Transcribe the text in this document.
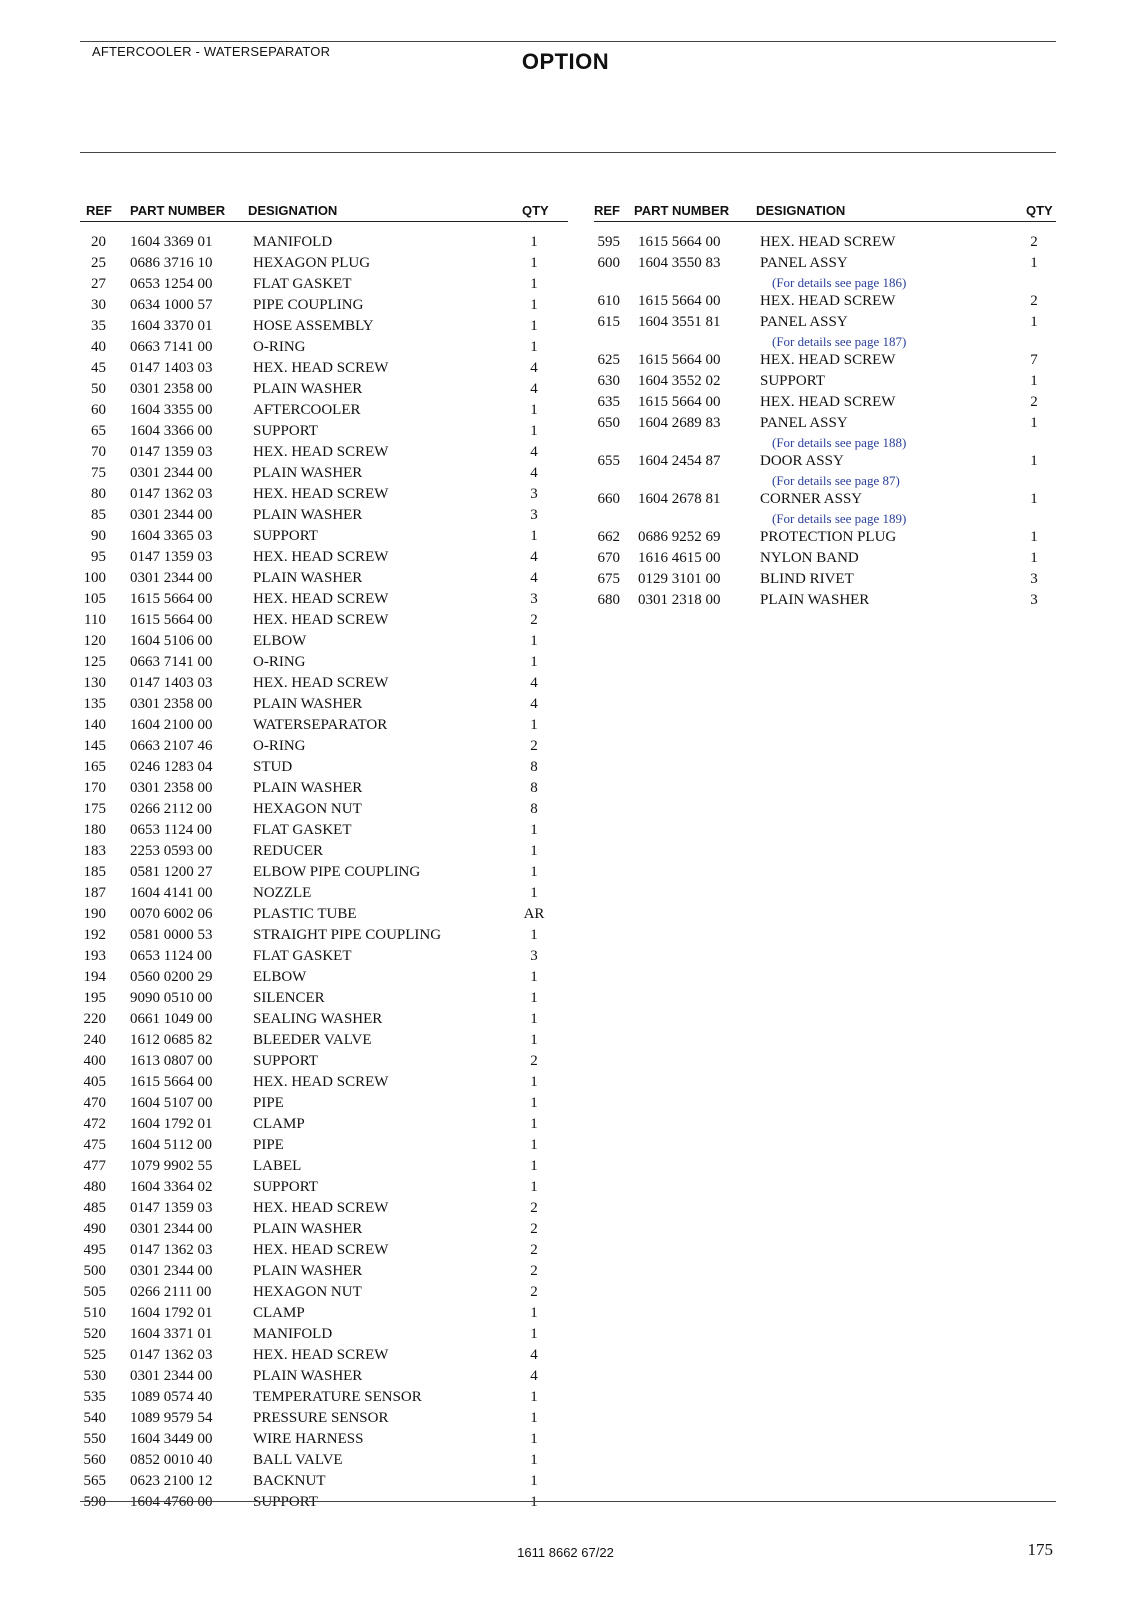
AFTERCOOLER - WATERSEPARATOR	OPTION
REF PART NUMBER DESIGNATION	QTY
20 1604 3369 01	MANIFOLD	1
25 0686 3716 10	HEXAGON PLUG	1
27 0653 1254 00	FLAT GASKET	1
30 0634 1000 57	PIPE COUPLING	1
35 1604 3370 01	HOSE ASSEMBLY	1
40 0663 7141 00	O-RING	1
45 0147 1403 03	HEX. HEAD SCREW	4
50 0301 2358 00	PLAIN WASHER	4
60 1604 3355 00	AFTERCOOLER	1
65 1604 3366 00	SUPPORT	1
70 0147 1359 03	HEX. HEAD SCREW	4
75 0301 2344 00	PLAIN WASHER	4
80 0147 1362 03	HEX. HEAD SCREW	3
85 0301 2344 00	PLAIN WASHER	3
90 1604 3365 03	SUPPORT	1
95 0147 1359 03	HEX. HEAD SCREW	4
100 0301 2344 00	PLAIN WASHER	4
105 1615 5664 00	HEX. HEAD SCREW	3
110 1615 5664 00	HEX. HEAD SCREW	2
120 1604 5106 00	ELBOW	1
125 0663 7141 00	O-RING	1
130 0147 1403 03	HEX. HEAD SCREW	4
135 0301 2358 00	PLAIN WASHER	4
140 1604 2100 00	WATERSEPARATOR	1
145 0663 2107 46	O-RING	2
165 0246 1283 04	STUD	8
170 0301 2358 00	PLAIN WASHER	8
175 0266 2112 00	HEXAGON NUT	8
180 0653 1124 00	FLAT GASKET	1
183 2253 0593 00	REDUCER	1
185 0581 1200 27	ELBOW PIPE COUPLING	1
187 1604 4141 00	NOZZLE	1
190 0070 6002 06	PLASTIC TUBE	AR
192 0581 0000 53	STRAIGHT PIPE COUPLING	1
193 0653 1124 00	FLAT GASKET	3
194 0560 0200 29	ELBOW	1
195 9090 0510 00	SILENCER	1
220 0661 1049 00	SEALING WASHER	1
240 1612 0685 82	BLEEDER VALVE	1
400 1613 0807 00	SUPPORT	2
405 1615 5664 00	HEX. HEAD SCREW	1
470 1604 5107 00	PIPE	1
472 1604 1792 01	CLAMP	1
475 1604 5112 00	PIPE	1
477 1079 9902 55	LABEL	1
480 1604 3364 02	SUPPORT	1
485 0147 1359 03	HEX. HEAD SCREW	2
490 0301 2344 00	PLAIN WASHER	2
495 0147 1362 03	HEX. HEAD SCREW	2
500 0301 2344 00	PLAIN WASHER	2
505 0266 2111 00	HEXAGON NUT	2
510 1604 1792 01	CLAMP	1
520 1604 3371 01	MANIFOLD	1
525 0147 1362 03	HEX. HEAD SCREW	4
530 0301 2344 00	PLAIN WASHER	4
535 1089 0574 40	TEMPERATURE SENSOR	1
540 1089 9579 54	PRESSURE SENSOR	1
550 1604 3449 00	WIRE HARNESS	1
560 0852 0010 40	BALL VALVE	1
565 0623 2100 12	BACKNUT	1
590 1604 4760 00	SUPPORT	1
REF PART NUMBER DESIGNATION	QTY
595 1615 5664 00	HEX. HEAD SCREW	2
600 1604 3550 83	PANEL ASSY	1
(For details see page 186)
610 1615 5664 00	HEX. HEAD SCREW	2
615 1604 3551 81	PANEL ASSY	1
(For details see page 187)
625 1615 5664 00	HEX. HEAD SCREW	7
630 1604 3552 02	SUPPORT	1
635 1615 5664 00	HEX. HEAD SCREW	2
650 1604 2689 83	PANEL ASSY	1
(For details see page 188)
655 1604 2454 87	DOOR ASSY	1
(For details see page 87)
660 1604 2678 81	CORNER ASSY	1
(For details see page 189)
662 0686 9252 69	PROTECTION PLUG	1
670 1616 4615 00	NYLON BAND	1
675 0129 3101 00	BLIND RIVET	3
680 0301 2318 00	PLAIN WASHER	3
1611 8662 67/22	175
